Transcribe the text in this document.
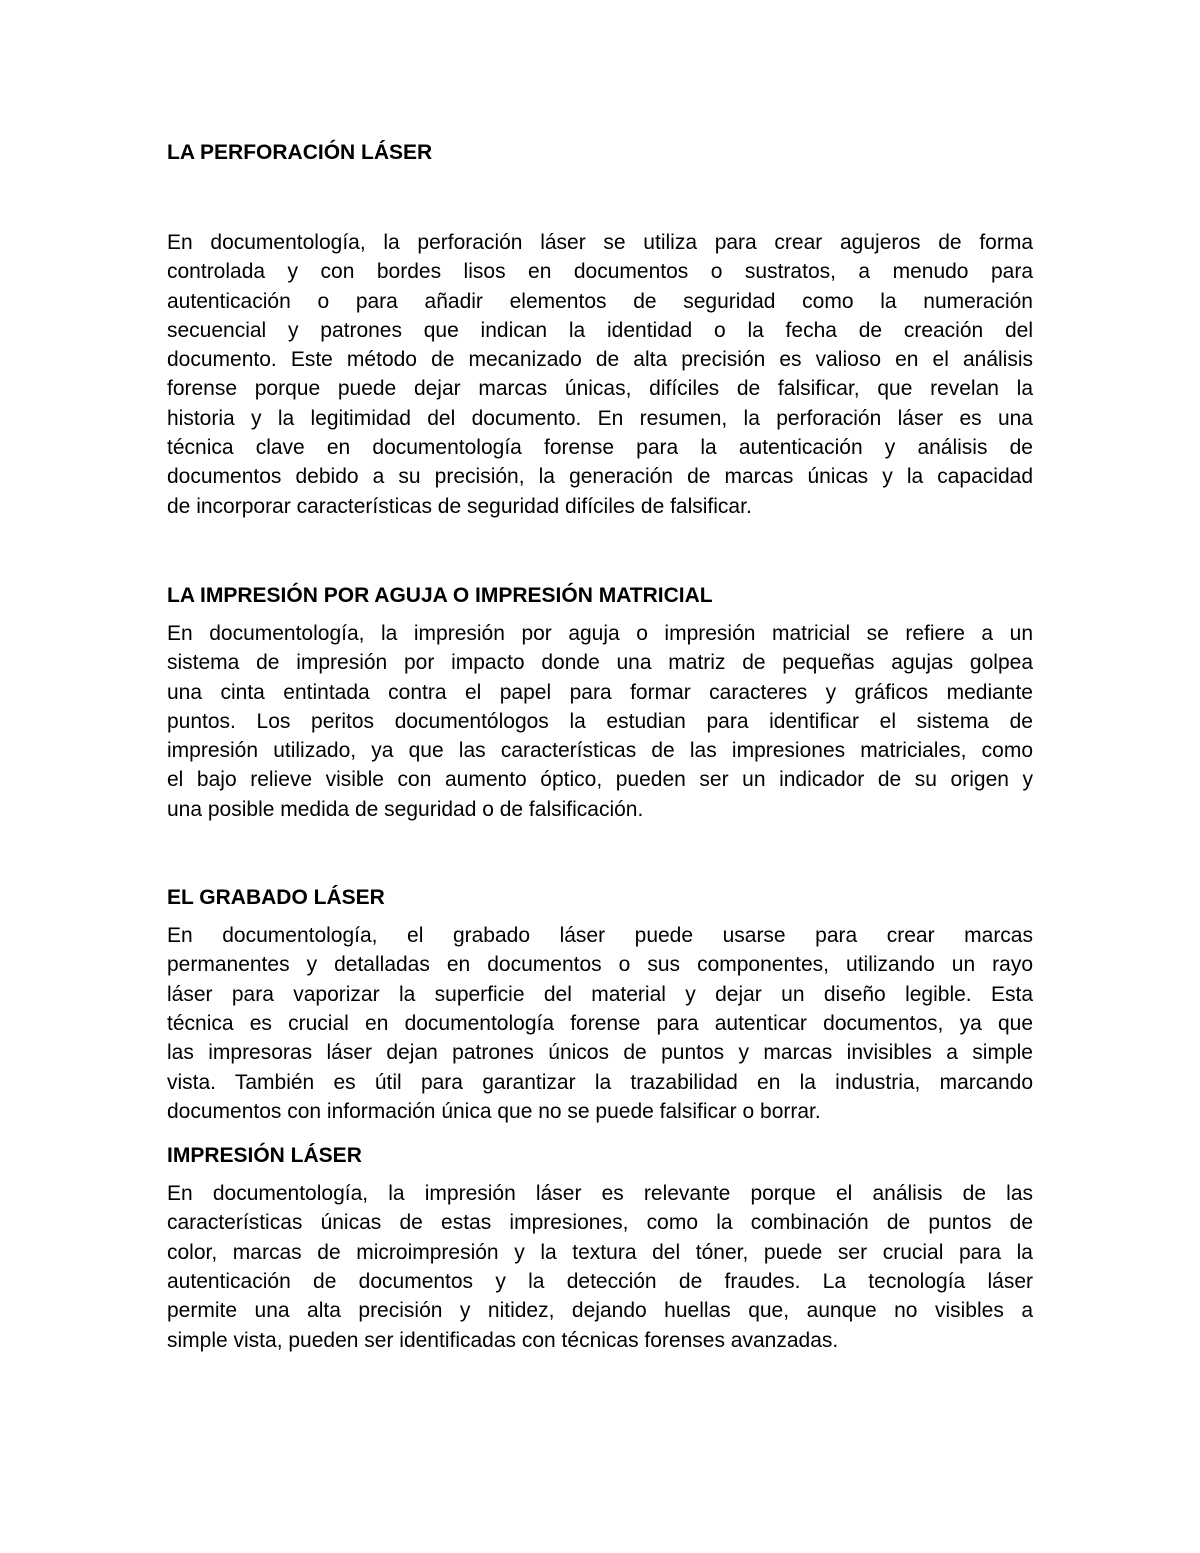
LA PERFORACIÓN LÁSER
En documentología, la perforación láser se utiliza para crear agujeros de forma
controlada y con bordes lisos en documentos o sustratos, a menudo para
autenticación o para añadir elementos de seguridad como la numeración
secuencial y patrones que indican la identidad o la fecha de creación del
documento. Este método de mecanizado de alta precisión es valioso en el análisis
forense porque puede dejar marcas únicas, difíciles de falsificar, que revelan la
historia y la legitimidad del documento. En resumen, la perforación láser es una
técnica clave en documentología forense para la autenticación y análisis de
documentos debido a su precisión, la generación de marcas únicas y la capacidad
de incorporar características de seguridad difíciles de falsificar.
LA IMPRESIÓN POR AGUJA O IMPRESIÓN MATRICIAL
En documentología, la impresión por aguja o impresión matricial se refiere a un
sistema de impresión por impacto donde una matriz de pequeñas agujas golpea
una cinta entintada contra el papel para formar caracteres y gráficos mediante
puntos. Los peritos documentólogos la estudian para identificar el sistema de
impresión utilizado, ya que las características de las impresiones matriciales, como
el bajo relieve visible con aumento óptico, pueden ser un indicador de su origen y
una posible medida de seguridad o de falsificación.
EL GRABADO LÁSER
En documentología, el grabado láser puede usarse para crear marcas
permanentes y detalladas en documentos o sus componentes, utilizando un rayo
láser para vaporizar la superficie del material y dejar un diseño legible. Esta
técnica es crucial en documentología forense para autenticar documentos, ya que
las impresoras láser dejan patrones únicos de puntos y marcas invisibles a simple
vista. También es útil para garantizar la trazabilidad en la industria, marcando
documentos con información única que no se puede falsificar o borrar.
IMPRESIÓN LÁSER
En documentología, la impresión láser es relevante porque el análisis de las
características únicas de estas impresiones, como la combinación de puntos de
color, marcas de microimpresión y la textura del tóner, puede ser crucial para la
autenticación de documentos y la detección de fraudes. La tecnología láser
permite una alta precisión y nitidez, dejando huellas que, aunque no visibles a
simple vista, pueden ser identificadas con técnicas forenses avanzadas.
